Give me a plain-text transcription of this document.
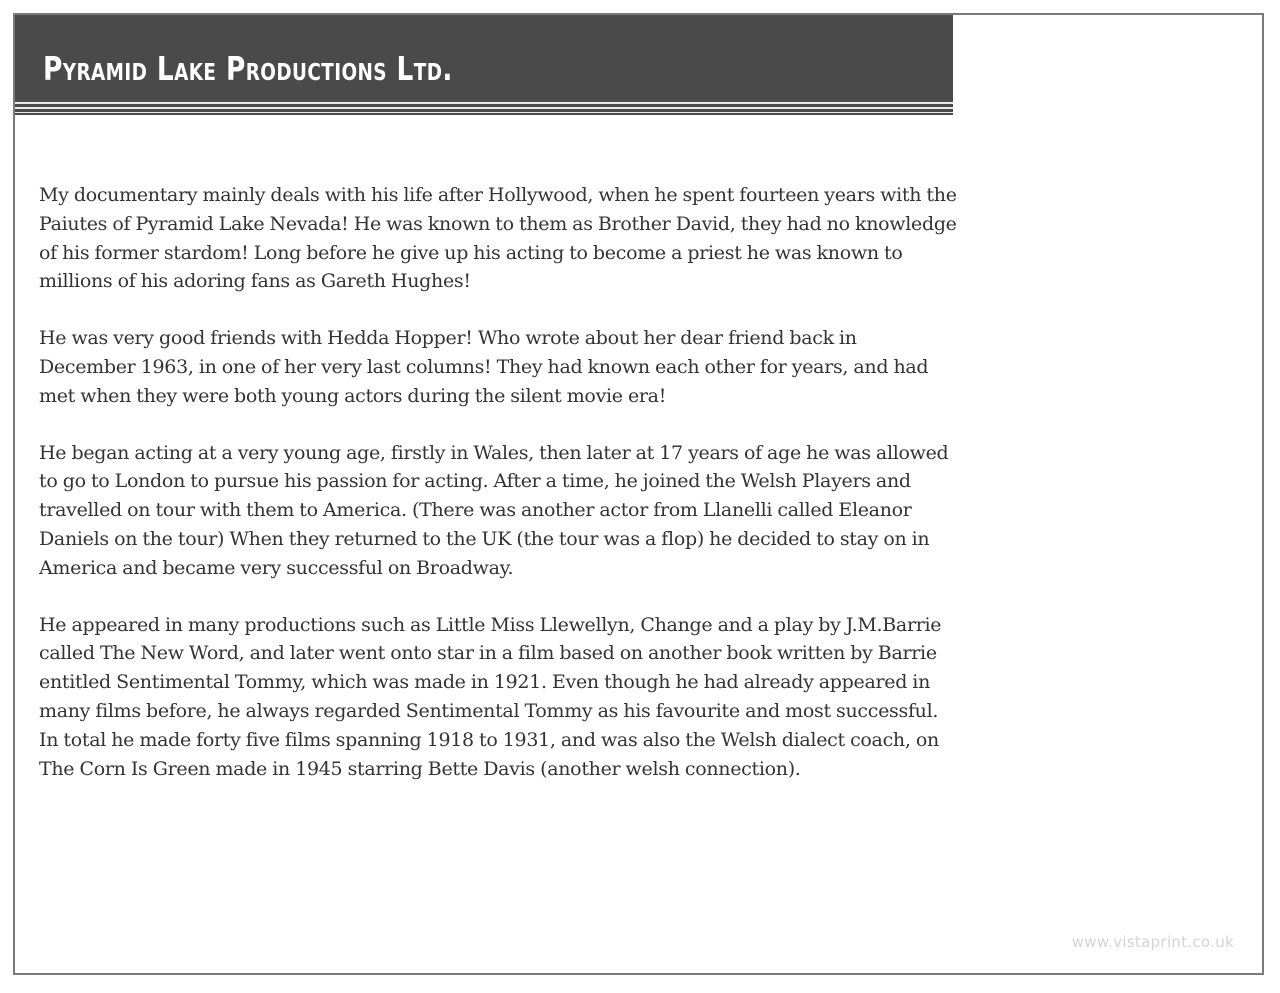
Pyramid Lake Productions Ltd.

My documentary mainly deals with his life after Hollywood, when he spent fourteen years with the Paiutes of Pyramid Lake Nevada! He was known to them as Brother David, they had no knowledge of his former stardom! Long before he give up his acting to become a priest he was known to millions of his adoring fans as Gareth Hughes!

He was very good friends with Hedda Hopper! Who wrote about her dear friend back in December 1963, in one of her very last columns! They had known each other for years, and had met when they were both young actors during the silent movie era!

He began acting at a very young age, firstly in Wales, then later at 17 years of age he was allowed to go to London to pursue his passion for acting. After a time, he joined the Welsh Players and travelled on tour with them to America. (There was another actor from Llanelli called Eleanor Daniels on the tour) When they returned to the UK (the tour was a flop) he decided to stay on in America and became very successful on Broadway.

He appeared in many productions such as Little Miss Llewellyn, Change and a play by J.M.Barrie called The New Word, and later went onto star in a film based on another book written by Barrie entitled Sentimental Tommy, which was made in 1921. Even though he had already appeared in many films before, he always regarded Sentimental Tommy as his favourite and most successful. In total he made forty five films spanning 1918 to 1931, and was also the Welsh dialect coach, on The Corn Is Green made in 1945 starring Bette Davis (another welsh connection).

www.vistaprint.co.uk
